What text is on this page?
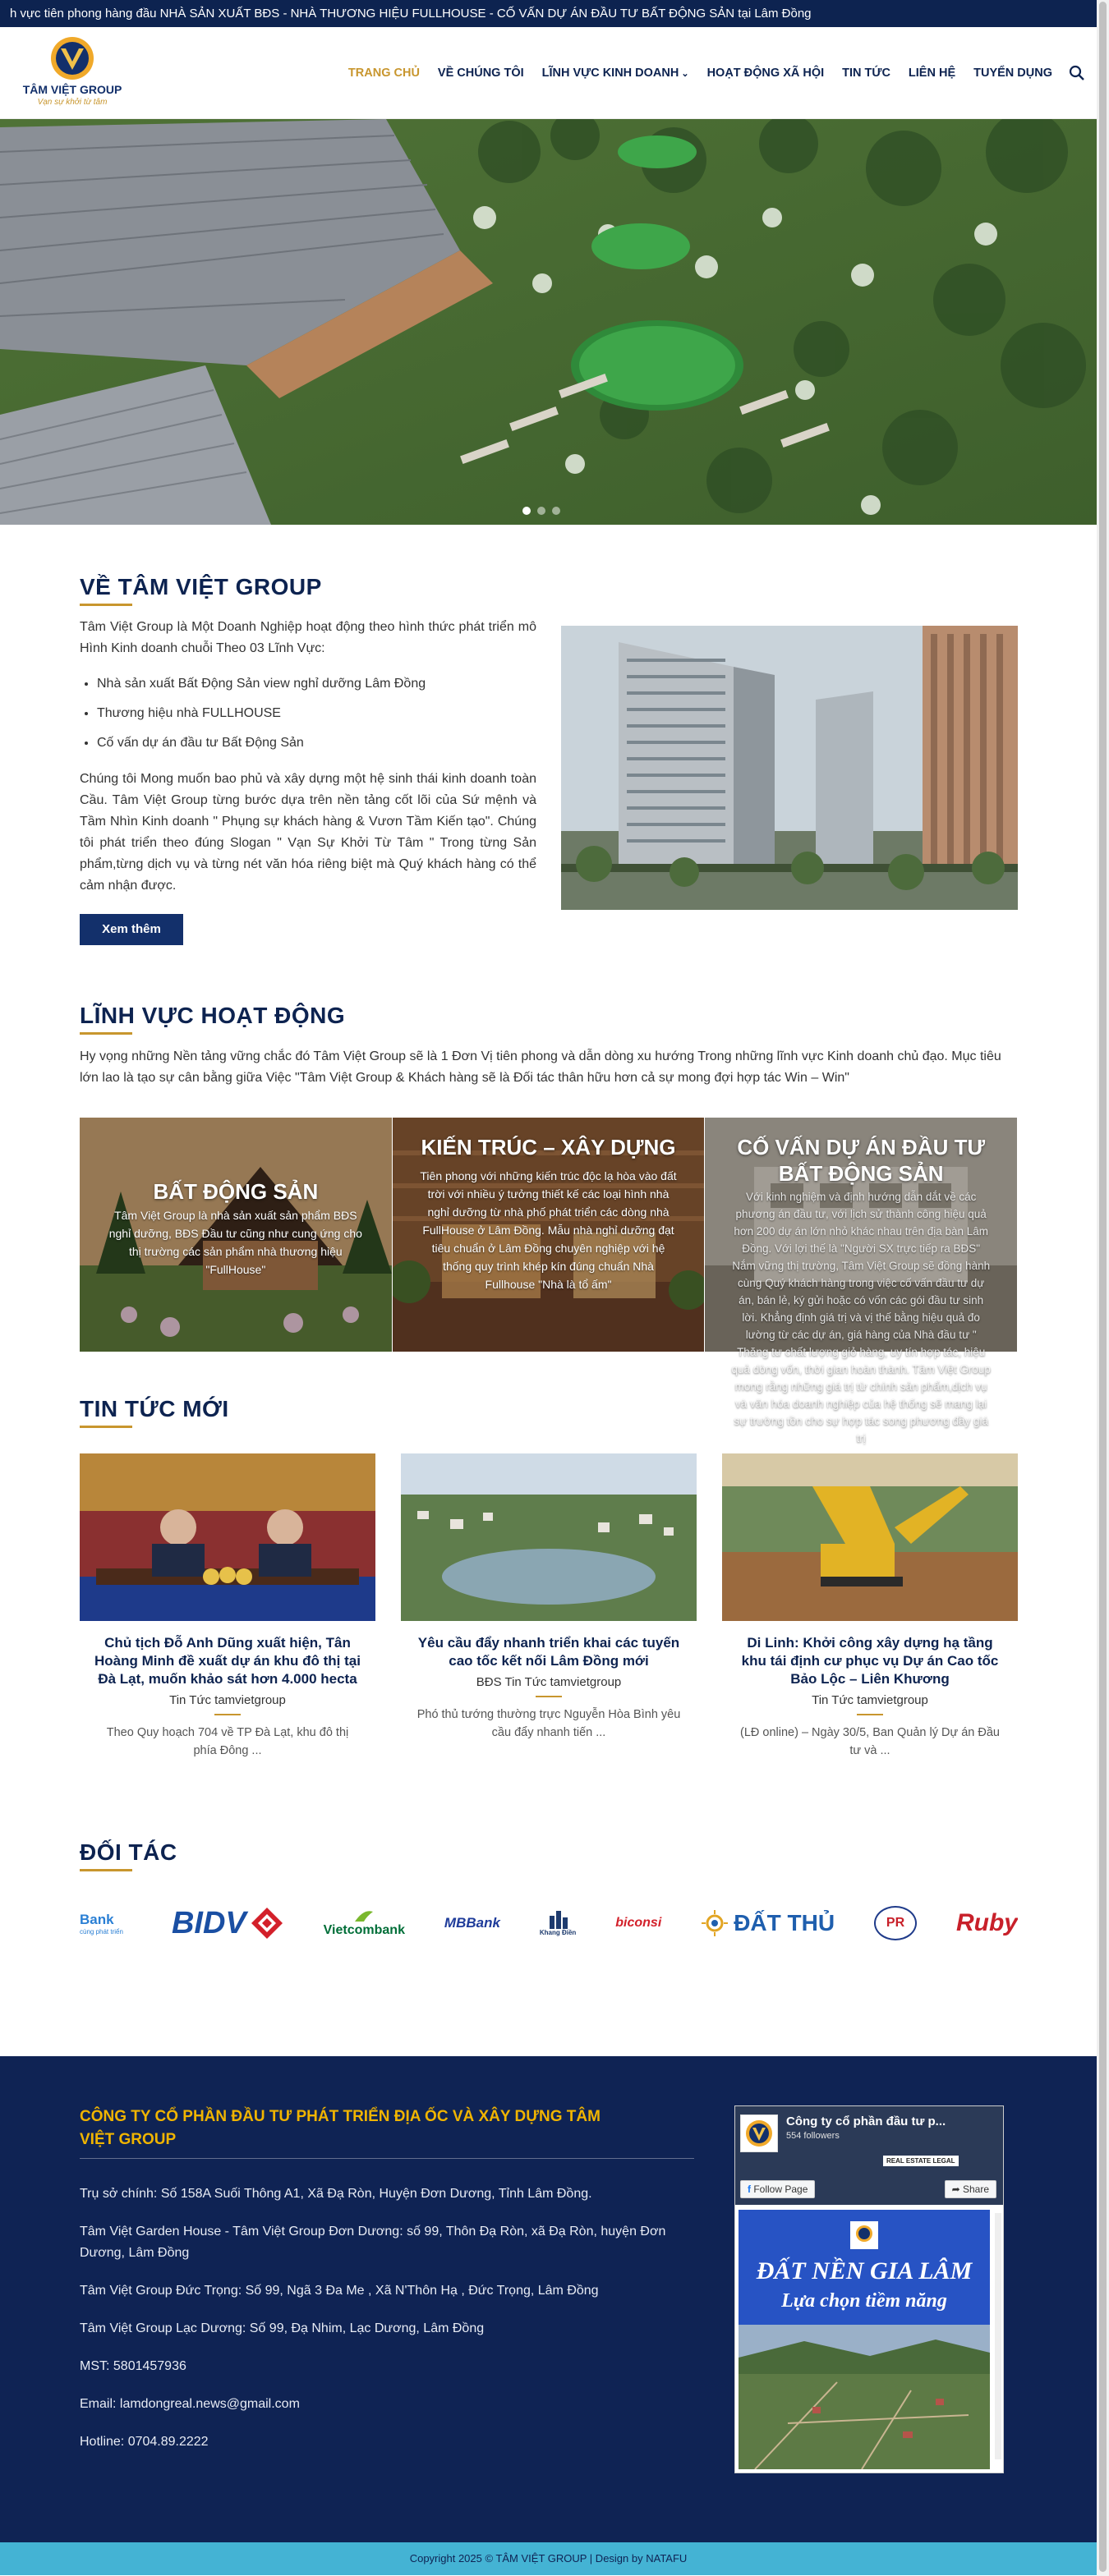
h vực tiên phong hàng đầu NHÀ SẢN XUẤT BĐS - NHÀ THƯƠNG HIỆU FULLHOUSE - CỐ VẤN DỰ ÁN ĐẦU TƯ BẤT ĐỘNG SẢN tại Lâm Đồng
TÂM VIỆT GROUP
Vạn sự khởi từ tâm
TRANG CHỦ VỀ CHÚNG TÔI LĨNH VỰC KINH DOANH ⌄ HOẠT ĐỘNG XÃ HỘI TIN TỨC LIÊN HỆ TUYỂN DỤNG
VỀ TÂM VIỆT GROUP

Tâm Việt Group là Một Doanh Nghiệp hoạt động theo hình thức phát triển mô Hình Kinh doanh chuỗi Theo 03 Lĩnh Vực:

• Nhà sản xuất Bất Động Sản view nghỉ dưỡng Lâm Đồng
• Thương hiệu nhà FULLHOUSE
• Cố vấn dự án đầu tư Bất Động Sản

Chúng tôi Mong muốn bao phủ và xây dựng một hệ sinh thái kinh doanh toàn Cầu. Tâm Việt Group từng bước dựa trên nền tảng cốt lõi của Sứ mệnh và Tầm Nhìn Kinh doanh " Phụng sự khách hàng & Vươn Tầm Kiến tạo". Chúng tôi phát triển theo đúng Slogan " Vạn Sự Khởi Từ Tâm " Trong từng Sản phẩm,từng dịch vụ và từng nét văn hóa riêng biệt mà Quý khách hàng có thể cảm nhận được.

Xem thêm
LĨNH VỰC HOẠT ĐỘNG

Hy vọng những Nền tảng vững chắc đó Tâm Việt Group sẽ là 1 Đơn Vị tiên phong và dẫn dòng xu hướng Trong những lĩnh vực Kinh doanh chủ đạo. Mục tiêu lớn lao là tạo sự cân bằng giữa Việc "Tâm Việt Group & Khách hàng sẽ là Đối tác thân hữu hơn cả sự mong đợi hợp tác Win – Win"

BẤT ĐỘNG SẢN
Tâm Việt Group là nhà sản xuất sản phẩm BĐS nghỉ dưỡng, BĐS Đầu tư cũng như cung ứng cho thị trường các sản phẩm nhà thương hiệu "FullHouse"
KIẾN TRÚC – XÂY DỰNG
Tiên phong với những kiến trúc độc lạ hòa vào đất trời với nhiều ý tưởng thiết kế các loại hình nhà nghỉ dưỡng từ nhà phố phát triển các dòng nhà FullHouse ở Lâm Đồng. Mẫu nhà nghỉ dưỡng đạt tiêu chuẩn ở Lâm Đồng chuyên nghiệp với hệ thống quy trình khép kín đúng chuẩn Nhà Fullhouse "Nhà là tổ ấm"
CỐ VẤN DỰ ÁN ĐẦU TƯ BẤT ĐỘNG SẢN
Với kinh nghiệm và định hướng dẫn dắt về các phương án đầu tư, với lịch sử thành công hiệu quả hơn 200 dự án lớn nhỏ khác nhau trên địa bàn Lâm Đồng. Với lợi thế là "Người SX trực tiếp ra BĐS" Nắm vững thị trường, Tâm Việt Group sẽ đồng hành cùng Quý khách hàng trong việc cố vấn đầu tư dự án, bán lẻ, ký gửi hoặc có vốn các gói đầu tư sinh lời. Khẳng định giá trị và vị thế bằng hiệu quả đo lường từ các dự án, giá hàng của Nhà đầu tư " Thăng tư chất lượng giỏ hàng, uy tín hợp tác, hiệu quả dòng vốn, thời gian hoàn thành. Tâm Việt Group mong rằng những giá trị từ chính sản phẩm,dịch vụ và văn hóa doanh nghiệp của hệ thống sẽ mang lại sự trường tồn cho sự hợp tác song phương đầy giá trị
TIN TỨC MỚI
Chủ tịch Đỗ Anh Dũng xuất hiện, Tân Hoàng Minh đề xuất dự án khu đô thị tại Đà Lạt, muốn khảo sát hơn 4.000 hecta
Tin Tức tamvietgroup
Theo Quy hoạch 704 về TP Đà Lạt, khu đô thị phía Đông ...
Yêu cầu đẩy nhanh triển khai các tuyến cao tốc kết nối Lâm Đồng mới
BĐS Tin Tức tamvietgroup
Phó thủ tướng thường trực Nguyễn Hòa Bình yêu cầu đẩy nhanh tiến ...
Di Linh: Khởi công xây dựng hạ tầng khu tái định cư phục vụ Dự án Cao tốc Bảo Lộc – Liên Khương
Tin Tức tamvietgroup
(LĐ online) – Ngày 30/5, Ban Quản lý Dự án Đầu tư và ...
ĐỐI TÁC
Bank
cùng phát triển BIDV	Vietcombank	MBBank
Khang Điền
biconsi	ĐẤT THỦ	PR Ruby
CÔNG TY CỔ PHẦN ĐẦU TƯ PHÁT TRIỂN ĐỊA ỐC VÀ XÂY DỰNG TÂM VIỆT GROUP

Trụ sở chính: Số 158A Suối Thông A1, Xã Đạ Ròn, Huyện Đơn Dương, Tỉnh Lâm Đồng.

Tâm Việt Garden House - Tâm Việt Group Đơn Dương: số 99, Thôn Đạ Ròn, xã Đạ Ròn, huyện Đơn Dương, Lâm Đồng

Tâm Việt Group Đức Trọng: Số 99, Ngã 3 Đa Me , Xã N'Thôn Hạ , Đức Trọng, Lâm Đồng

Tâm Việt Group Lạc Dương: Số 99, Đạ Nhim, Lạc Dương, Lâm Đồng

MST: 5801457936

Email: lamdongreal.news@gmail.com

Hotline: 0704.89.2222

Công ty cổ phần đầu tư p...
554 followers
f Follow Page	➦ Share
REAL ESTATE LEGAL
ĐẤT NỀN GIA LÂM
Lựa chọn tiềm năng
Copyright 2025 © TÂM VIỆT GROUP | Design by NATAFU
